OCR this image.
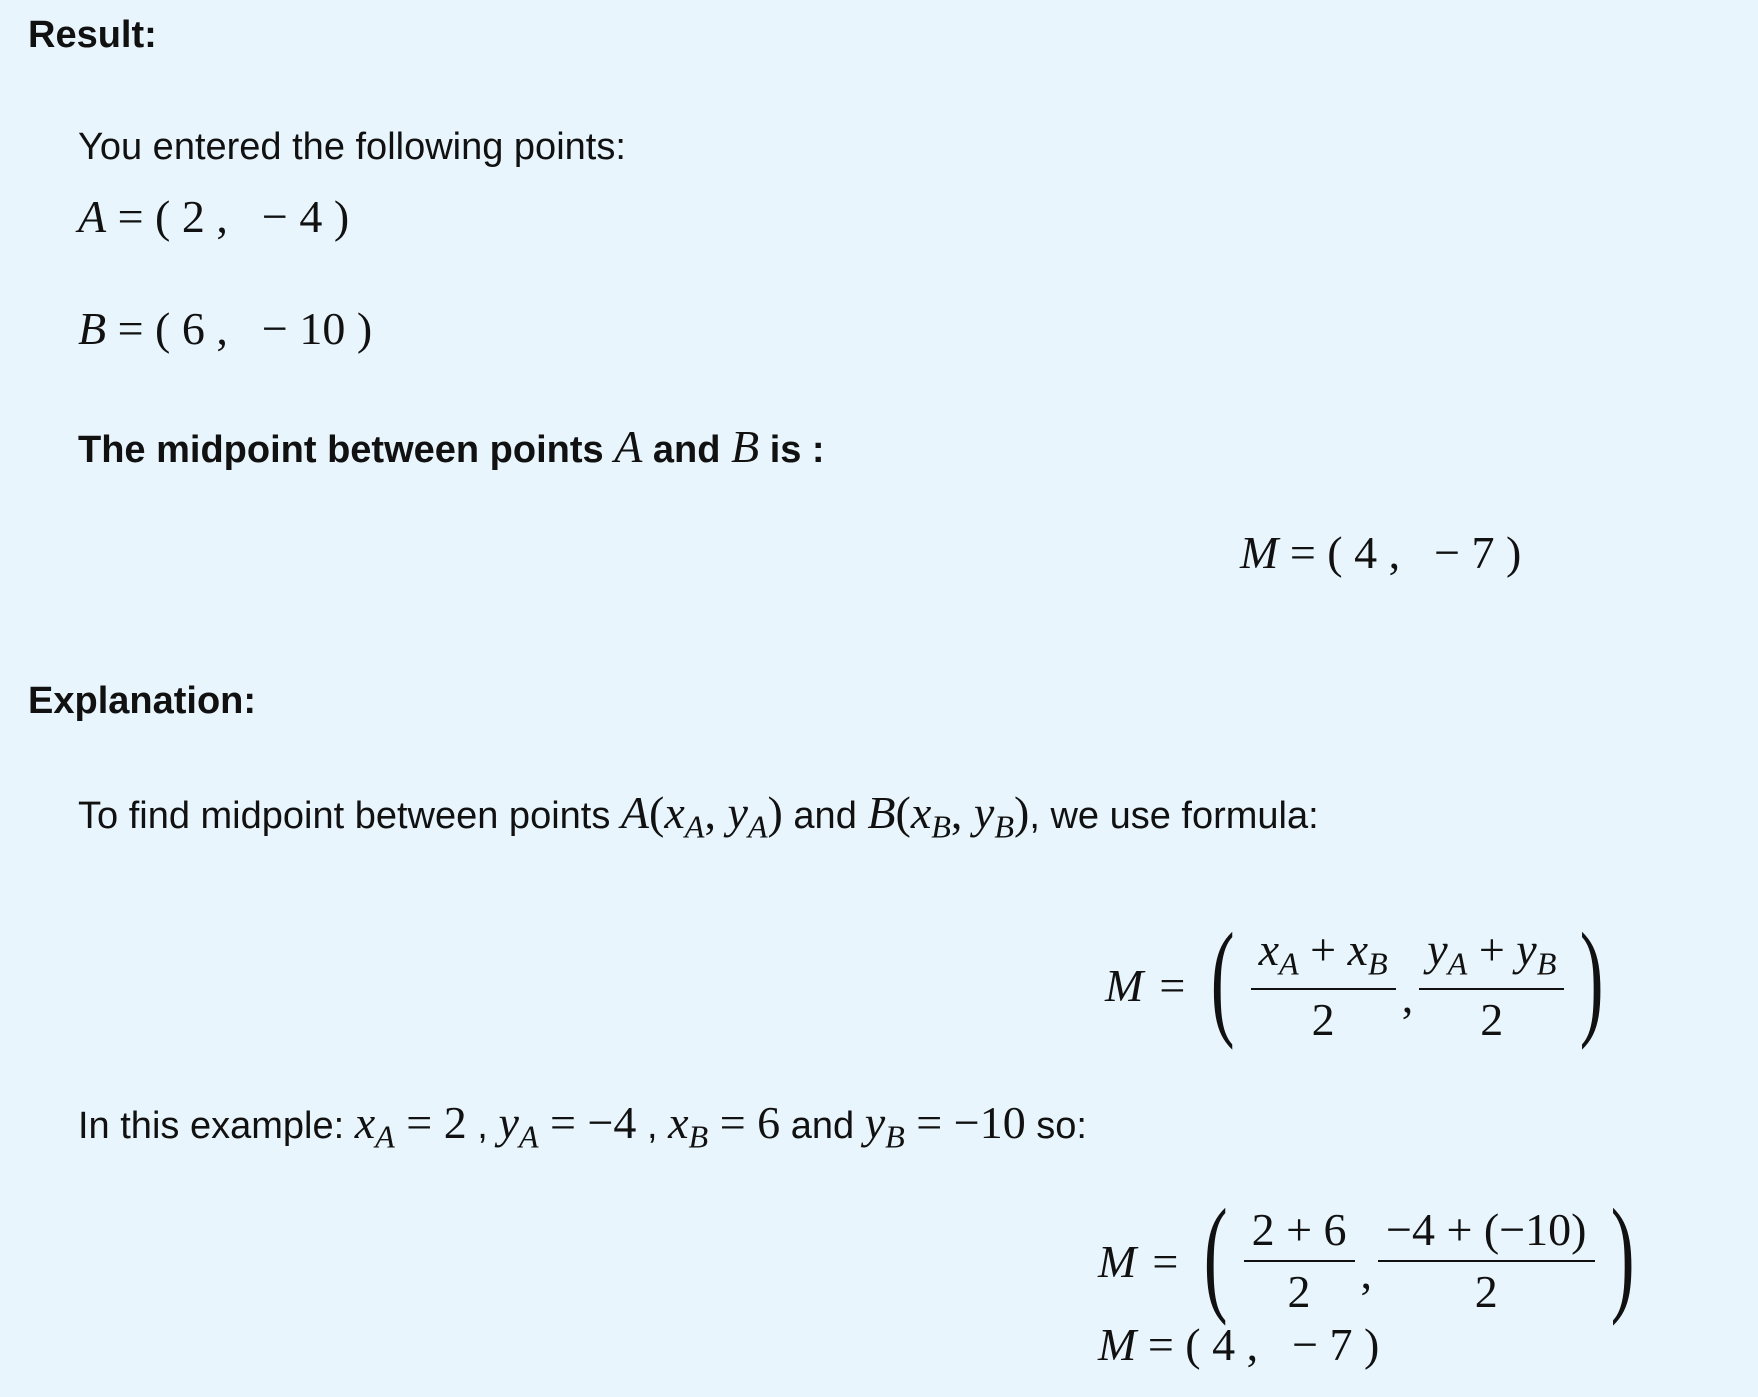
Result:
You entered the following points:
A = ( 2 , − 4 )
B = ( 6 , − 10 )
The midpoint between points A and B is :
M = ( 4 , − 7 )
Explanation:
To find midpoint between points $A(x_A$, $y_A$) and $B(x_B$, $y_B$), we use formula:
M = ( $\frac{x_A + x_B}{2}$ , $\frac{y_A + y_B}{2}$ )
In this example: $x_A = 2$ , $y_A = -4$ , $x_B = 6$ and $y_B = -10$ so:
M = ( $\frac{2 + 6}{2}$ , $\frac{-4 + (-10)}{2}$ )
M = ( 4 , − 7 )
